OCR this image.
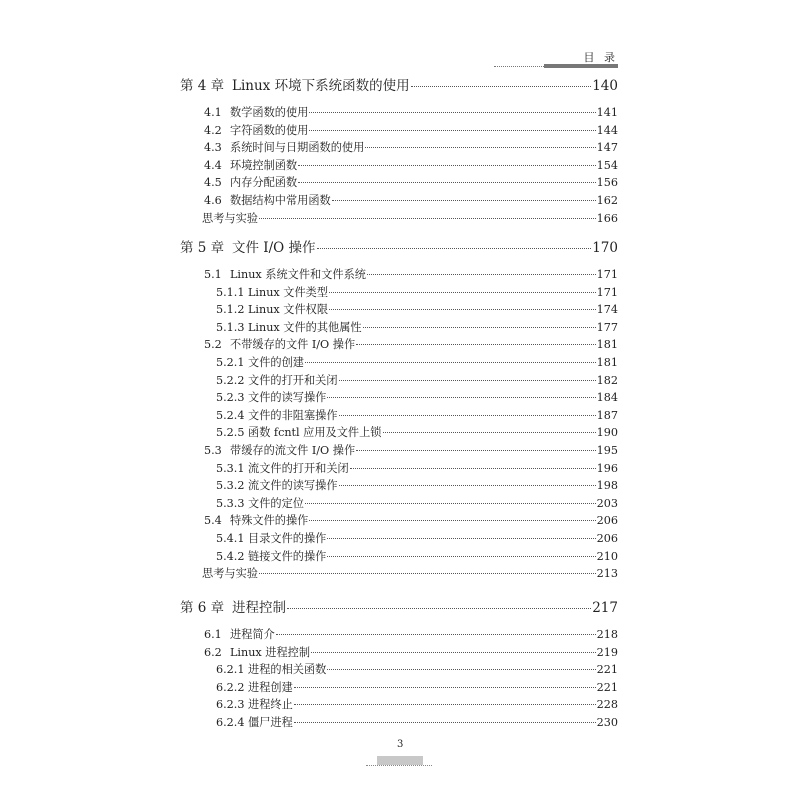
目 录
第 4 章 Linux 环境下系统函数的使用	140
4.1 数学函数的使用	141
4.2 字符函数的使用	144
4.3 系统时间与日期函数的使用	147
4.4 环境控制函数	154
4.5 内存分配函数	156
4.6 数据结构中常用函数	162
思考与实验	166
第 5 章 文件 I/O 操作	170
5.1 Linux 系统文件和文件系统	171
5.1.1 Linux 文件类型	171
5.1.2 Linux 文件权限	174
5.1.3 Linux 文件的其他属性	177
5.2 不带缓存的文件 I/O 操作	181
5.2.1 文件的创建	181
5.2.2 文件的打开和关闭	182
5.2.3 文件的读写操作	184
5.2.4 文件的非阻塞操作	187
5.2.5 函数 fcntl 应用及文件上锁	190
5.3 带缓存的流文件 I/O 操作	195
5.3.1 流文件的打开和关闭	196
5.3.2 流文件的读写操作	198
5.3.3 文件的定位	203
5.4 特殊文件的操作	206
5.4.1 目录文件的操作	206
5.4.2 链接文件的操作	210
思考与实验	213
第 6 章 进程控制	217
6.1 进程简介	218
6.2 Linux 进程控制	219
6.2.1 进程的相关函数	221
6.2.2 进程创建	221
6.2.3 进程终止	228
6.2.4 僵尸进程	230
3
